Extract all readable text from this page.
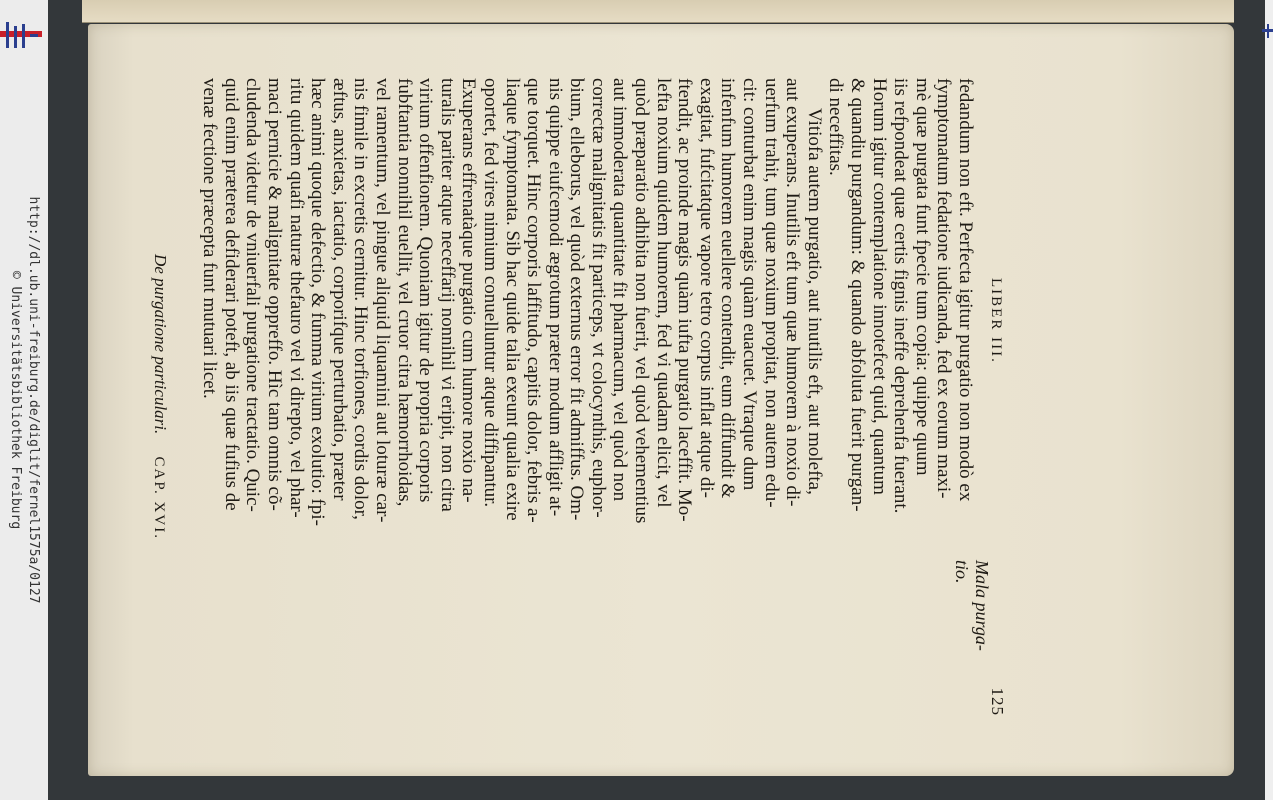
http://dl.ub.uni-freiburg.de/diglit/fernel1575a/0127
© Universitätsbibliothek Freiburg	LIBER III.
125

fedandum non eft. Perfecta igitur purgatio non modò ex
fymptomatum fedatione iudicanda, fed ex eorum maxi-
mè quæ purgata funt fpecie tum copia: quippe quum
iis refpondeat quæ certis fignis ineffe deprehenfa fuerant.
Horum igitur contemplatione innotefcet quid, quantum
& quandiu purgandum: & quando abfoluta fuerit purgan-
di neceffitas.

Vitiofa autem purgatio, aut inutilis eft, aut molefta,
aut exuperans. Inutilis eft tum quæ humorem à noxio di-
uerfum trahit, tum quæ noxium propitat, non autem edu-
cit: conturbat enim magis quàm euacuet. Vtraque dum
infenfum humorem euellere contendit, eum diffundit &
exagitat, fufcitatque vapore tetro corpus inflat atque di-
ftendit, ac proinde magis quàm iufta purgatio laceffit. Mo-
lefta noxium quidem humorem, fed vi quadam elicit, vel
quòd præparatio adhibita non fuerit, vel quòd vehementius
aut immoderata quantitate fit pharmacum, vel quòd non
correctæ malignitatis fit particeps, vt colocynthis, euphor-
bium, elleborus, vel quòd externus error fit admiffus. Om-
nis quippe eiufcemodi ægrotum præter modum affligit at-
que torquet. Hinc corporis laffitudo, capitis dolor, febris a-
liaque fymptomata. Sib hac quide talia exeunt qualia exire
oportet, fed vires nimium conuelluntur atque diffipantur.
Exuperans effrenatàque purgatio cum humore noxio na-
turalis pariter atque neceffarij nonnihil vi eripit, non citra
virium offenfionem. Quoniam igitur de propria corporis
fubftantia nonnihil euellit, vel cruor citra hæmorrhoidas,
vel ramentum, vel pingue aliquid liquamini aut loturæ car-
nis fimile in excretis cernitur. Hinc torfiones, cordis dolor,
æftus, anxietas, iactatio, corporifque perturbatio, præter
hæc animi quoque defectio, & fumma virium exolutio: fpi-
ritu quidem quafi naturæ thefauro vel vi direpto, vel phar-
maci pernicie & malignitate oppreffo. Hìc tam omnis cõ-
cludenda videtur de vniuerfali purgatione tractatio. Quic-
quid enim præterea defiderari poteft, ab iis quæ fufius de
venæ fectione præcepta funt mutuari licet.

De purgatione particulari. CAP. XVI.
Mala purga-tio.
